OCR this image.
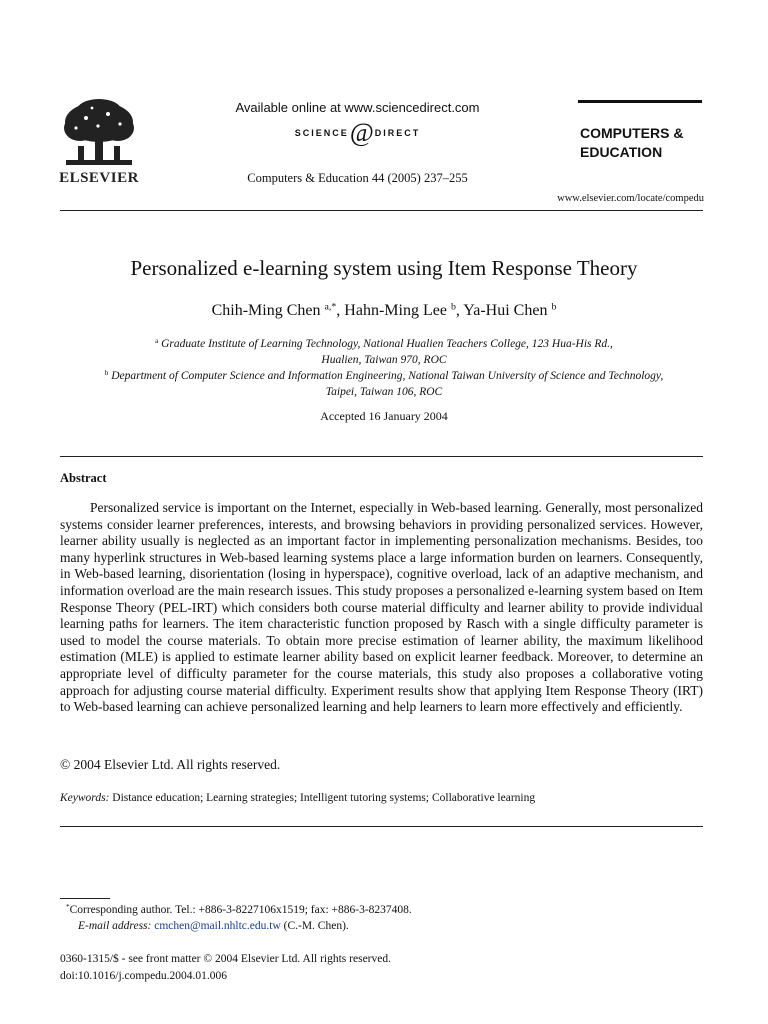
ELSEVIER
Available online at www.sciencedirect.com
SCIENCE @ DIRECT
Computers & Education 44 (2005) 237–255
COMPUTERS &
EDUCATION
www.elsevier.com/locate/compedu
Personalized e-learning system using Item Response Theory
Chih-Ming Chen $^{a,*}$, Hahn-Ming Lee $^b$, Ya-Hui Chen $^b$
$^a$ Graduate Institute of Learning Technology, National Hualien Teachers College, 123 Hua-His Rd.,
Hualien, Taiwan 970, ROC
$^b$ Department of Computer Science and Information Engineering, National Taiwan University of Science and Technology,
Taipei, Taiwan 106, ROC
Accepted 16 January 2004
Abstract
Personalized service is important on the Internet, especially in Web-based learning. Generally, most personalized systems consider learner preferences, interests, and browsing behaviors in providing personalized services. However, learner ability usually is neglected as an important factor in implementing personalization mechanisms. Besides, too many hyperlink structures in Web-based learning systems place a large information burden on learners. Consequently, in Web-based learning, disorientation (losing in hyperspace), cognitive overload, lack of an adaptive mechanism, and information overload are the main research issues. This study proposes a personalized e-learning system based on Item Response Theory (PEL-IRT) which considers both course material difficulty and learner ability to provide individual learning paths for learners. The item characteristic function proposed by Rasch with a single difficulty parameter is used to model the course materials. To obtain more precise estimation of learner ability, the maximum likelihood estimation (MLE) is applied to estimate learner ability based on explicit learner feedback. Moreover, to determine an appropriate level of difficulty parameter for the course materials, this study also proposes a collaborative voting approach for adjusting course material difficulty. Experiment results show that applying Item Response Theory (IRT) to Web-based learning can achieve personalized learning and help learners to learn more effectively and efficiently.
© 2004 Elsevier Ltd. All rights reserved.
Keywords: Distance education; Learning strategies; Intelligent tutoring systems; Collaborative learning
*Corresponding author. Tel.: +886-3-8227106x1519; fax: +886-3-8237408.
E-mail address: cmchen@mail.nhltc.edu.tw (C.-M. Chen).
0360-1315/$ - see front matter © 2004 Elsevier Ltd. All rights reserved.
doi:10.1016/j.compedu.2004.01.006
